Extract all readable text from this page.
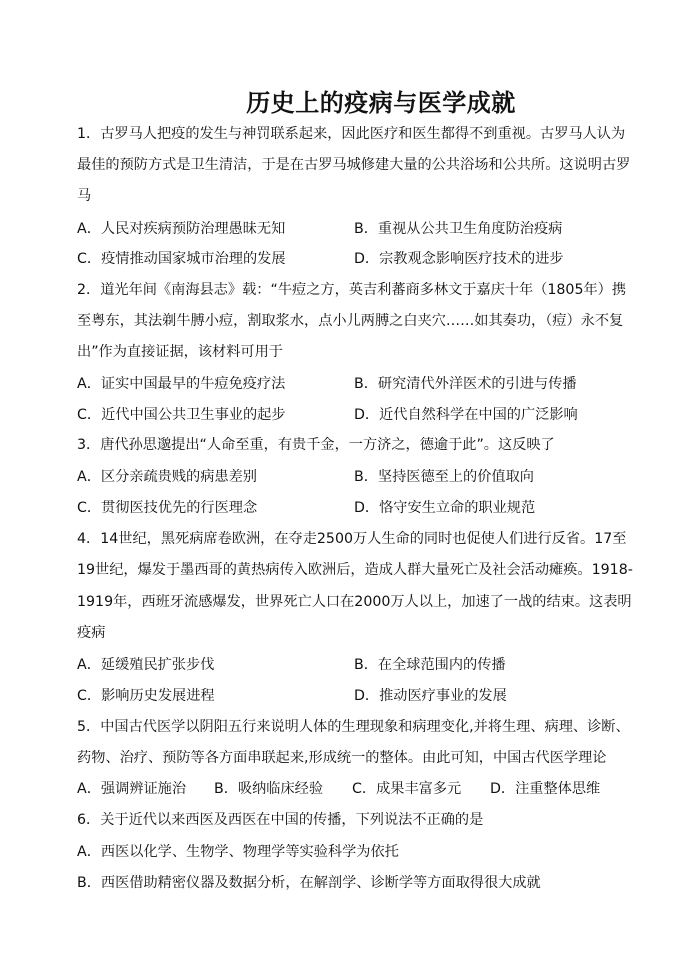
历史上的疫病与医学成就
1．古罗马人把疫的发生与神罚联系起来，因此医疗和医生都得不到重视。古罗马人认为
最佳的预防方式是卫生清洁，于是在古罗马城修建大量的公共浴场和公共所。这说明古罗
马
A．人民对疾病预防治理愚昧无知	B．重视从公共卫生角度防治疫病
C．疫情推动国家城市治理的发展	D．宗教观念影响医疗技术的进步
2．道光年间《南海县志》载：“牛痘之方，英吉利蕃商多林文于嘉庆十年（1805年）携
至粤东，其法剃牛膊小痘，割取浆水，点小儿两膊之白夹穴……如其奏功，（痘）永不复
出”作为直接证据，该材料可用于
A．证实中国最早的牛痘免疫疗法	B．研究清代外洋医术的引进与传播
C．近代中国公共卫生事业的起步	D．近代自然科学在中国的广泛影响
3．唐代孙思邈提出“人命至重，有贵千金，一方济之，德逾于此”。这反映了
A．区分亲疏贵贱的病患差别	B．坚持医德至上的价值取向
C．贯彻医技优先的行医理念	D．恪守安生立命的职业规范
4．14世纪，黑死病席卷欧洲，在夺走2500万人生命的同时也促使人们进行反省。17至
19世纪，爆发于墨西哥的黄热病传入欧洲后，造成人群大量死亡及社会活动瘫痪。1918-
1919年，西班牙流感爆发，世界死亡人口在2000万人以上，加速了一战的结束。这表明
疫病
A．延缓殖民扩张步伐	B．在全球范围内的传播
C．影响历史发展进程	D．推动医疗事业的发展
5．中国古代医学以阴阳五行来说明人体的生理现象和病理变化,并将生理、病理、诊断、
药物、治疗、预防等各方面串联起来,形成统一的整体。由此可知，中国古代医学理论
A．强调辨证施治 B．吸纳临床经验 C．成果丰富多元 D．注重整体思维
6．关于近代以来西医及西医在中国的传播，下列说法不正确的是
A．西医以化学、生物学、物理学等实验科学为依托
B．西医借助精密仪器及数据分析，在解剖学、诊断学等方面取得很大成就
